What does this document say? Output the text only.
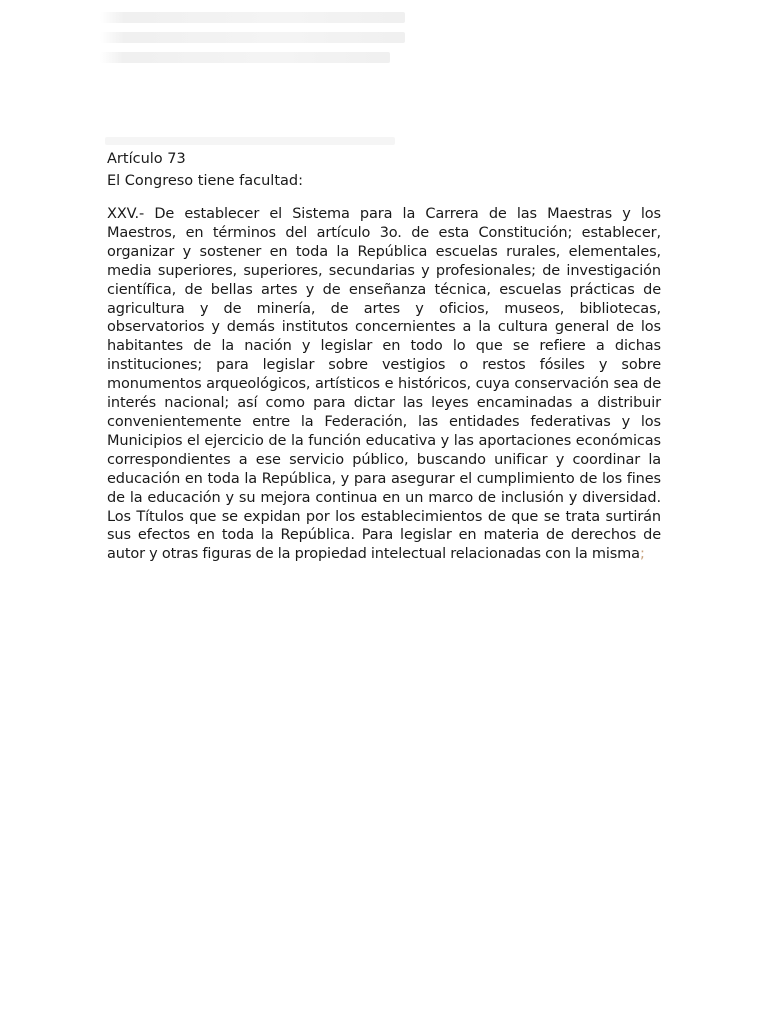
Artículo 73

El Congreso tiene facultad:

XXV.- De establecer el Sistema para la Carrera de las Maestras y los Maestros, en términos del artículo 3o. de esta Constitución; establecer, organizar y sostener en toda la República escuelas rurales, elementales, media superiores, superiores, secundarias y profesionales; de investigación científica, de bellas artes y de enseñanza técnica, escuelas prácticas de agricultura y de minería, de artes y oficios, museos, bibliotecas, observatorios y demás institutos concernientes a la cultura general de los habitantes de la nación y legislar en todo lo que se refiere a dichas instituciones; para legislar sobre vestigios o restos fósiles y sobre monumentos arqueológicos, artísticos e históricos, cuya conservación sea de interés nacional; así como para dictar las leyes encaminadas a distribuir convenientemente entre la Federación, las entidades federativas y los Municipios el ejercicio de la función educativa y las aportaciones económicas correspondientes a ese servicio público, buscando unificar y coordinar la educación en toda la República, y para asegurar el cumplimiento de los fines de la educación y su mejora continua en un marco de inclusión y diversidad. Los Títulos que se expidan por los establecimientos de que se trata surtirán sus efectos en toda la República. Para legislar en materia de derechos de autor y otras figuras de la propiedad intelectual relacionadas con la misma;
